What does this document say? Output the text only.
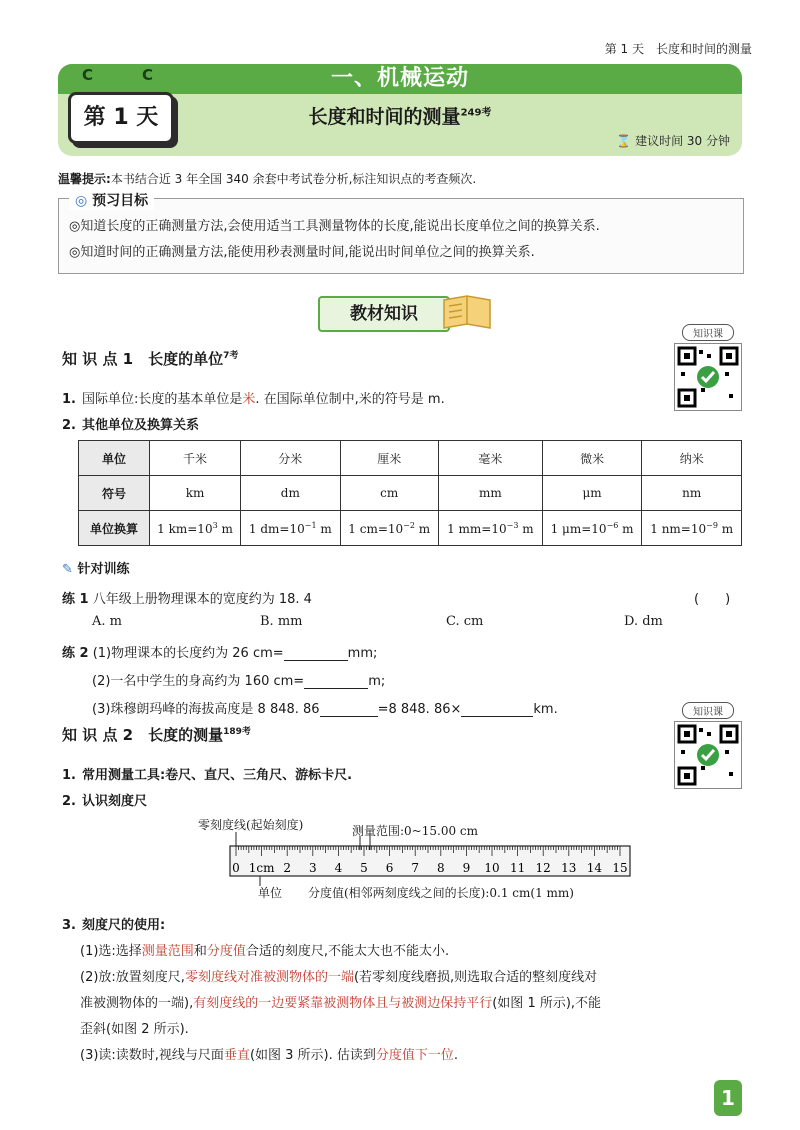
第 1 天　长度和时间的测量
C	C	一、机械运动
第 1 天	长度和时间的测量$^{249考}$
⌛ 建议时间 30 分钟
温馨提示:本书结合近 3 年全国 340 余套中考试卷分析,标注知识点的考查频次.
◎ 预习目标
◎知道长度的正确测量方法,会使用适当工具测量物体的长度,能说出长度单位之间的换算关系.
◎知道时间的正确测量方法,能使用秒表测量时间,能说出时间单位之间的换算关系.
教材知识
知识课
知 识 点 1　长度的单位$^{7考}$
1. 国际单位:长度的基本单位是米. 在国际单位制中,米的符号是 m.
2. 其他单位及换算关系
单位	千米	分米	厘米	毫米	微米	纳米
符号	km	dm	cm	mm	μm	nm
单位换算	1 $km=10^3$ m	1 $dm=10^{-1}$ m	1 $cm=10^{-2}$ m	1 $mm=10^{-3}$ m	1 $\mu m=10^{-6}$ m	1 $nm=10^{-9}$ m
✎ 针对训练
练 1 八年级上册物理课本的宽度约为 18. 4	(　　)
A. m	B. mm	C. cm	D. dm
练 2 (1)物理课本的长度约为 26 cm=	mm;
(2)一名中学生的身高约为 160 cm=	m;
(3)珠穆朗玛峰的海拔高度是 8 848. 86	=8 848. 86×	km.	知识课
知 识 点 2　长度的测量$^{189考}$
1. 常用测量工具:卷尺、直尺、三角尺、游标卡尺.
2. 认识刻度尺
零刻度线(起始刻度)	测量范围:0~15.00 cm
0 1cm 2 3 4 5 6 7 8 9 10 11 12 13 14 15
单位 分度值(相邻两刻度线之间的长度):0.1 cm(1 mm)
3. 刻度尺的使用:
(1)选:选择测量范围和分度值合适的刻度尺,不能太大也不能太小.
(2)放:放置刻度尺,零刻度线对准被测物体的一端(若零刻度线磨损,则选取合适的整刻度线对
准被测物体的一端),有刻度线的一边要紧靠被测物体且与被测边保持平行(如图 1 所示),不能
歪斜(如图 2 所示).
(3)读:读数时,视线与尺面垂直(如图 3 所示). 估读到分度值下一位.
1
